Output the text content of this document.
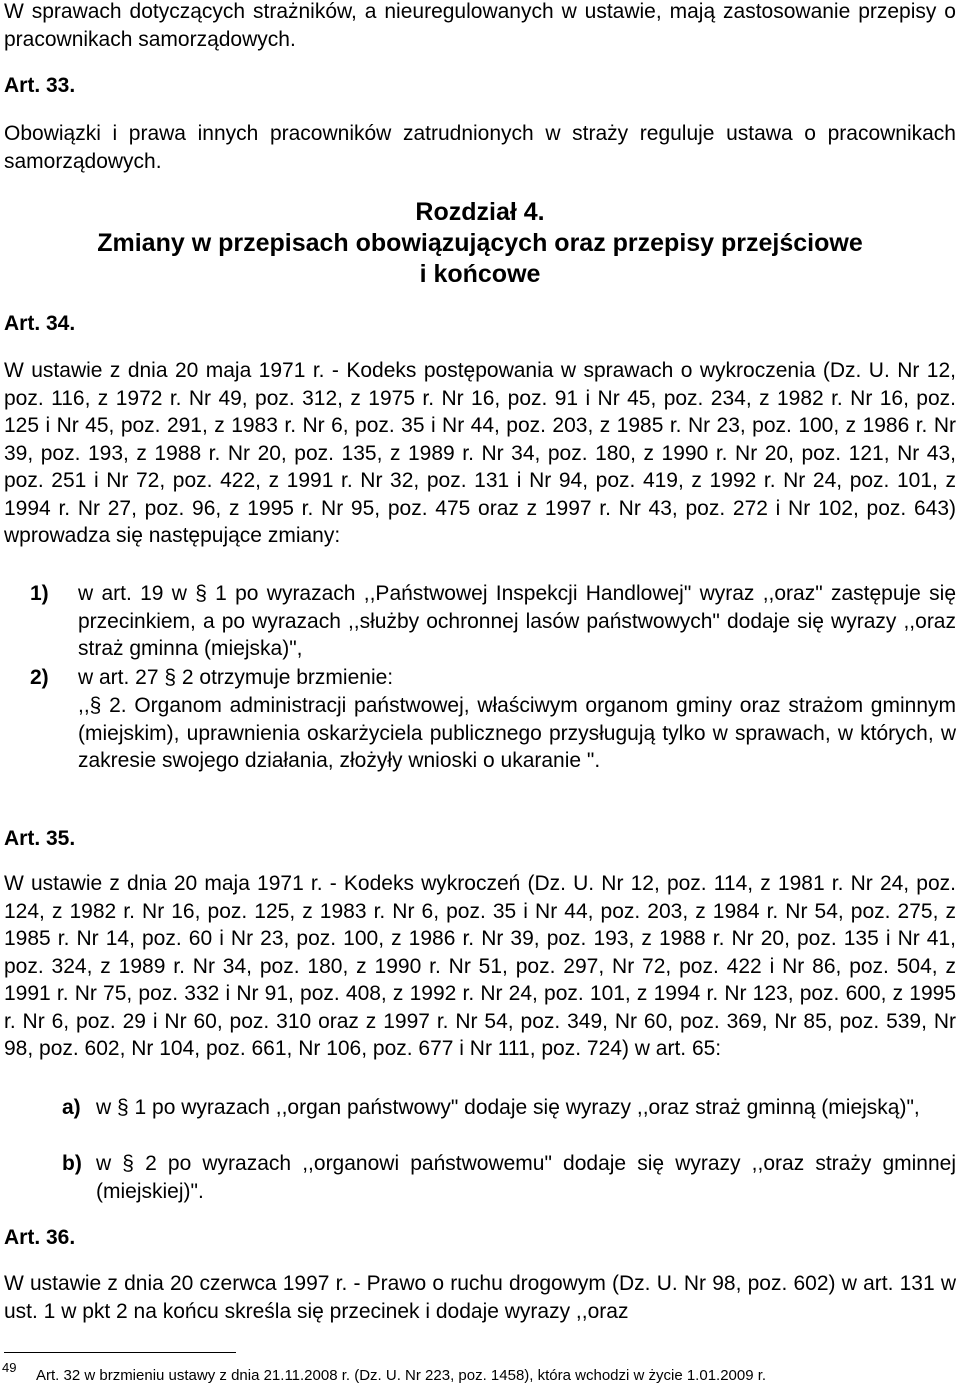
W sprawach dotyczących strażników, a nieuregulowanych w ustawie, mają zastosowanie przepisy o pracownikach samorządowych.

Art. 33.

Obowiązki i prawa innych pracowników zatrudnionych w straży reguluje ustawa o pracownikach samorządowych.

Rozdział 4.

Zmiany w przepisach obowiązujących oraz przepisy przejściowe

i końcowe

Art. 34.

W ustawie z dnia 20 maja 1971 r. - Kodeks postępowania w sprawach o wykroczenia (Dz. U. Nr 12, poz. 116, z 1972 r. Nr 49, poz. 312, z 1975 r. Nr 16, poz. 91 i Nr 45, poz. 234, z 1982 r. Nr 16, poz. 125 i Nr 45, poz. 291, z 1983 r. Nr 6, poz. 35 i Nr 44, poz. 203, z 1985 r. Nr 23, poz. 100, z 1986 r. Nr 39, poz. 193, z 1988 r. Nr 20, poz. 135, z 1989 r. Nr 34, poz. 180, z 1990 r. Nr 20, poz. 121, Nr 43, poz. 251 i Nr 72, poz. 422, z 1991 r. Nr 32, poz. 131 i Nr 94, poz. 419, z 1992 r. Nr 24, poz. 101, z 1994 r. Nr 27, poz. 96, z 1995 r. Nr 95, poz. 475 oraz z 1997 r. Nr 43, poz. 272 i Nr 102, poz. 643) wprowadza się następujące zmiany:

1) w art. 19 w § 1 po wyrazach ,,Państwowej Inspekcji Handlowej" wyraz ,,oraz" zastępuje się przecinkiem, a po wyrazach ,,służby ochronnej lasów państwowych" dodaje się wyrazy ,,oraz straż gminna (miejska)",
2) w art. 27 § 2 otrzymuje brzmienie:

,,§ 2. Organom administracji państwowej, właściwym organom gminy oraz strażom gminnym (miejskim), uprawnienia oskarżyciela publicznego przysługują tylko w sprawach, w których, w zakresie swojego działania, złożyły wnioski o ukaranie ".

Art. 35.

W ustawie z dnia 20 maja 1971 r. - Kodeks wykroczeń (Dz. U. Nr 12, poz. 114, z 1981 r. Nr 24, poz. 124, z 1982 r. Nr 16, poz. 125, z 1983 r. Nr 6, poz. 35 i Nr 44, poz. 203, z 1984 r. Nr 54, poz. 275, z 1985 r. Nr 14, poz. 60 i Nr 23, poz. 100, z 1986 r. Nr 39, poz. 193, z 1988 r. Nr 20, poz. 135 i Nr 41, poz. 324, z 1989 r. Nr 34, poz. 180, z 1990 r. Nr 51, poz. 297, Nr 72, poz. 422 i Nr 86, poz. 504, z 1991 r. Nr 75, poz. 332 i Nr 91, poz. 408, z 1992 r. Nr 24, poz. 101, z 1994 r. Nr 123, poz. 600, z 1995 r. Nr 6, poz. 29 i Nr 60, poz. 310 oraz z 1997 r. Nr 54, poz. 349, Nr 60, poz. 369, Nr 85, poz. 539, Nr 98, poz. 602, Nr 104, poz. 661, Nr 106, poz. 677 i Nr 111, poz. 724) w art. 65:

a) w § 1 po wyrazach ,,organ państwowy" dodaje się wyrazy ,,oraz straż gminną (miejską)",
b) w § 2 po wyrazach ,,organowi państwowemu" dodaje się wyrazy ,,oraz straży gminnej (miejskiej)".

Art. 36.

W ustawie z dnia 20 czerwca 1997 r. - Prawo o ruchu drogowym (Dz. U. Nr 98, poz. 602) w art. 131 w ust. 1 w pkt 2 na końcu skreśla się przecinek i dodaje wyrazy ,,oraz

49 Art. 32 w brzmieniu ustawy z dnia 21.11.2008 r. (Dz. U. Nr 223, poz. 1458), która wchodzi w życie 1.01.2009 r.
